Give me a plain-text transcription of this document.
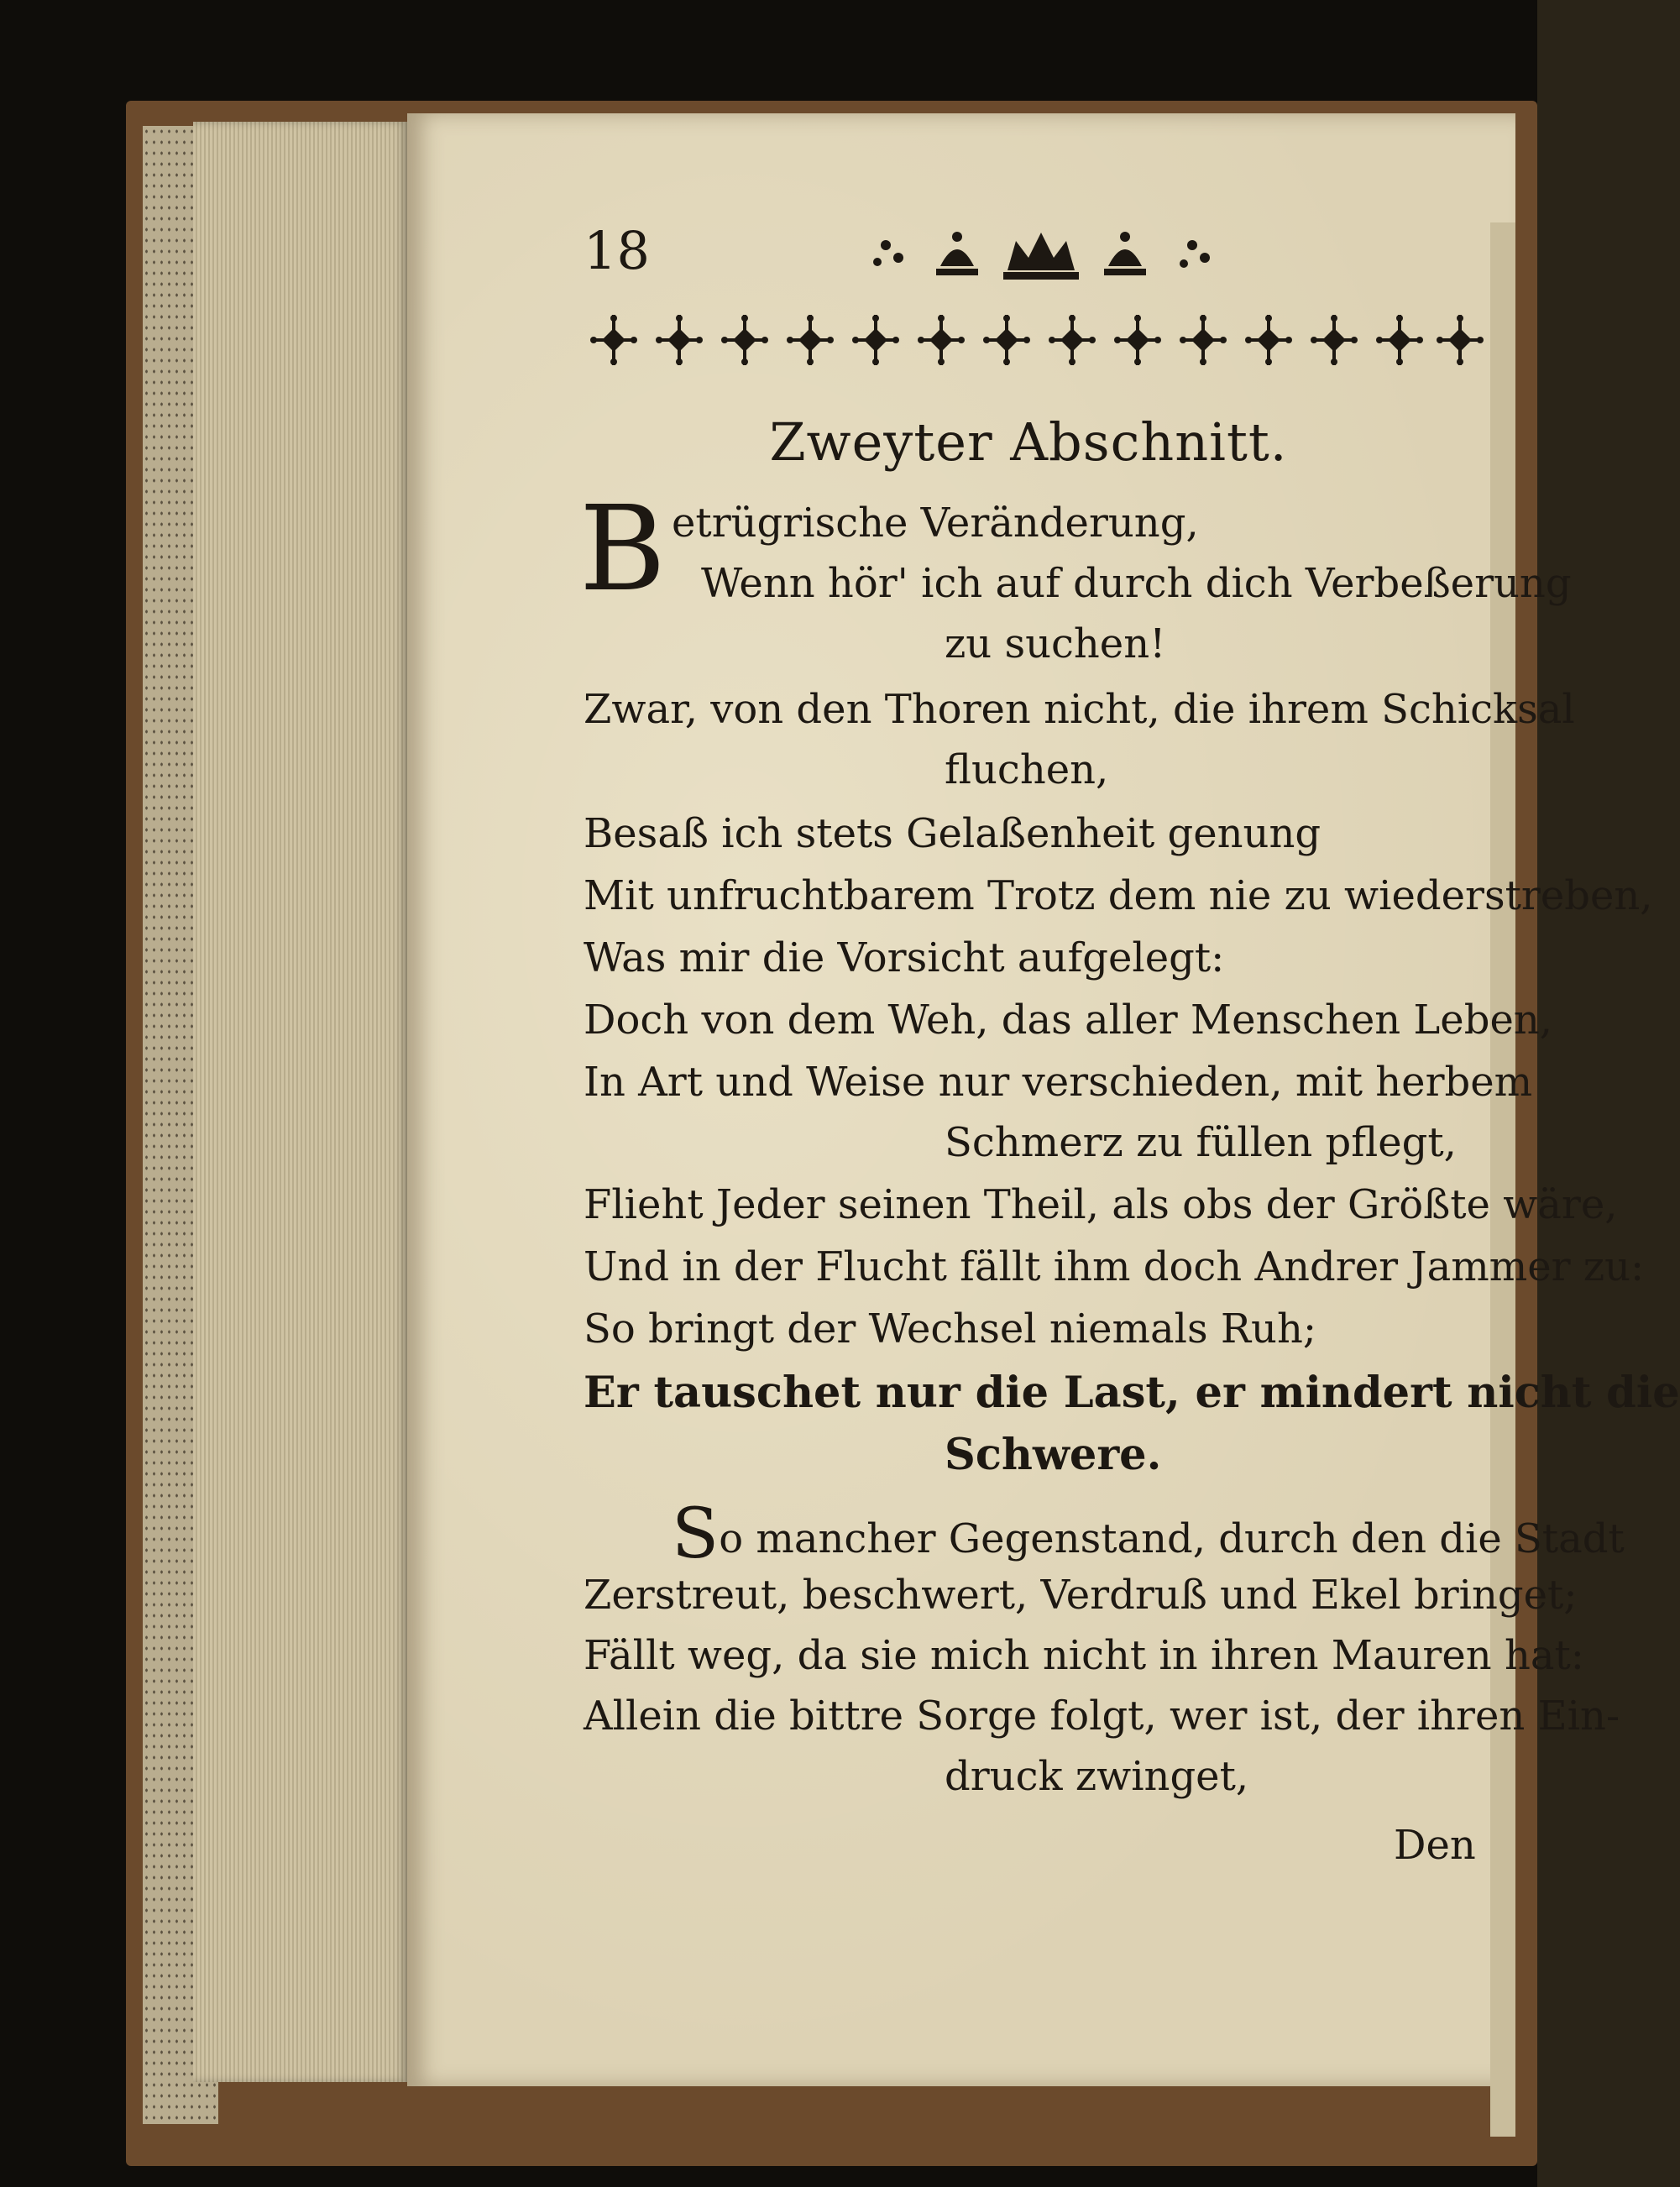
18
Zweyter Abschnitt.
B etrügrische Veränderung,
Wenn hör' ich auf durch dich Verbeßerung
zu suchen!
Zwar, von den Thoren nicht, die ihrem Schicksal
fluchen,
Besaß ich stets Gelaßenheit genung
Mit unfruchtbarem Trotz dem nie zu wiederstreben,
Was mir die Vorsicht aufgelegt:
Doch von dem Weh, das aller Menschen Leben,
In Art und Weise nur verschieden, mit herbem
Schmerz zu füllen pflegt,
Flieht Jeder seinen Theil, als obs der Größte wäre,
Und in der Flucht fällt ihm doch Andrer Jammer zu:
So bringt der Wechsel niemals Ruh;
Er tauschet nur die Last, er mindert nicht die
Schwere.
So mancher Gegenstand, durch den die Stadt
Zerstreut, beschwert, Verdruß und Ekel bringet;
Fällt weg, da sie mich nicht in ihren Mauren hat:
Allein die bittre Sorge folgt, wer ist, der ihren Ein-
druck zwinget,
Den
